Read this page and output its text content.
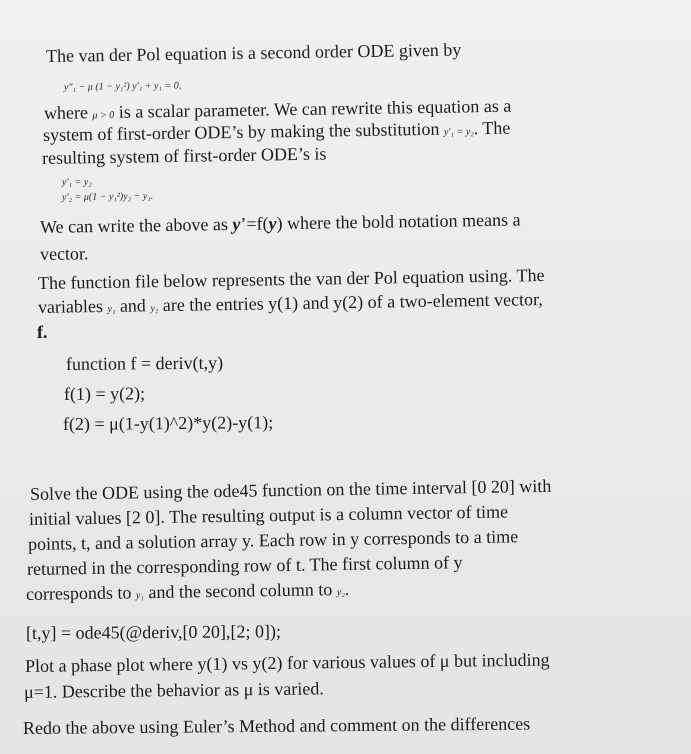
The van der Pol equation is a second order ODE given by
y″₁ − μ (1 − y₁²) y′₁ + y₁ = 0,
where μ > 0 is a scalar parameter. We can rewrite this equation as a
system of first-order ODE’s by making the substitution y′₁ = y₂. The
resulting system of first-order ODE’s is
y′₁ = y₂
y′₂ = μ(1 − y₁²)y₂ − y₁.
We can write the above as y’=f(y) where the bold notation means a
vector.
The function file below represents the van der Pol equation using. The
variables y₁ and y₂ are the entries y(1) and y(2) of a two-element vector,
f.
function f = deriv(t,y)
f(1) = y(2);
f(2) = μ(1-y(1)^2)*y(2)-y(1);
Solve the ODE using the ode45 function on the time interval [0 20] with
initial values [2 0]. The resulting output is a column vector of time
points, t, and a solution array y. Each row in y corresponds to a time
returned in the corresponding row of t. The first column of y
corresponds to y₁ and the second column to y₂.
[t,y] = ode45(@deriv,[0 20],[2; 0]);
Plot a phase plot where y(1) vs y(2) for various values of μ but including
μ=1. Describe the behavior as μ is varied.
Redo the above using Euler’s Method and comment on the differences
